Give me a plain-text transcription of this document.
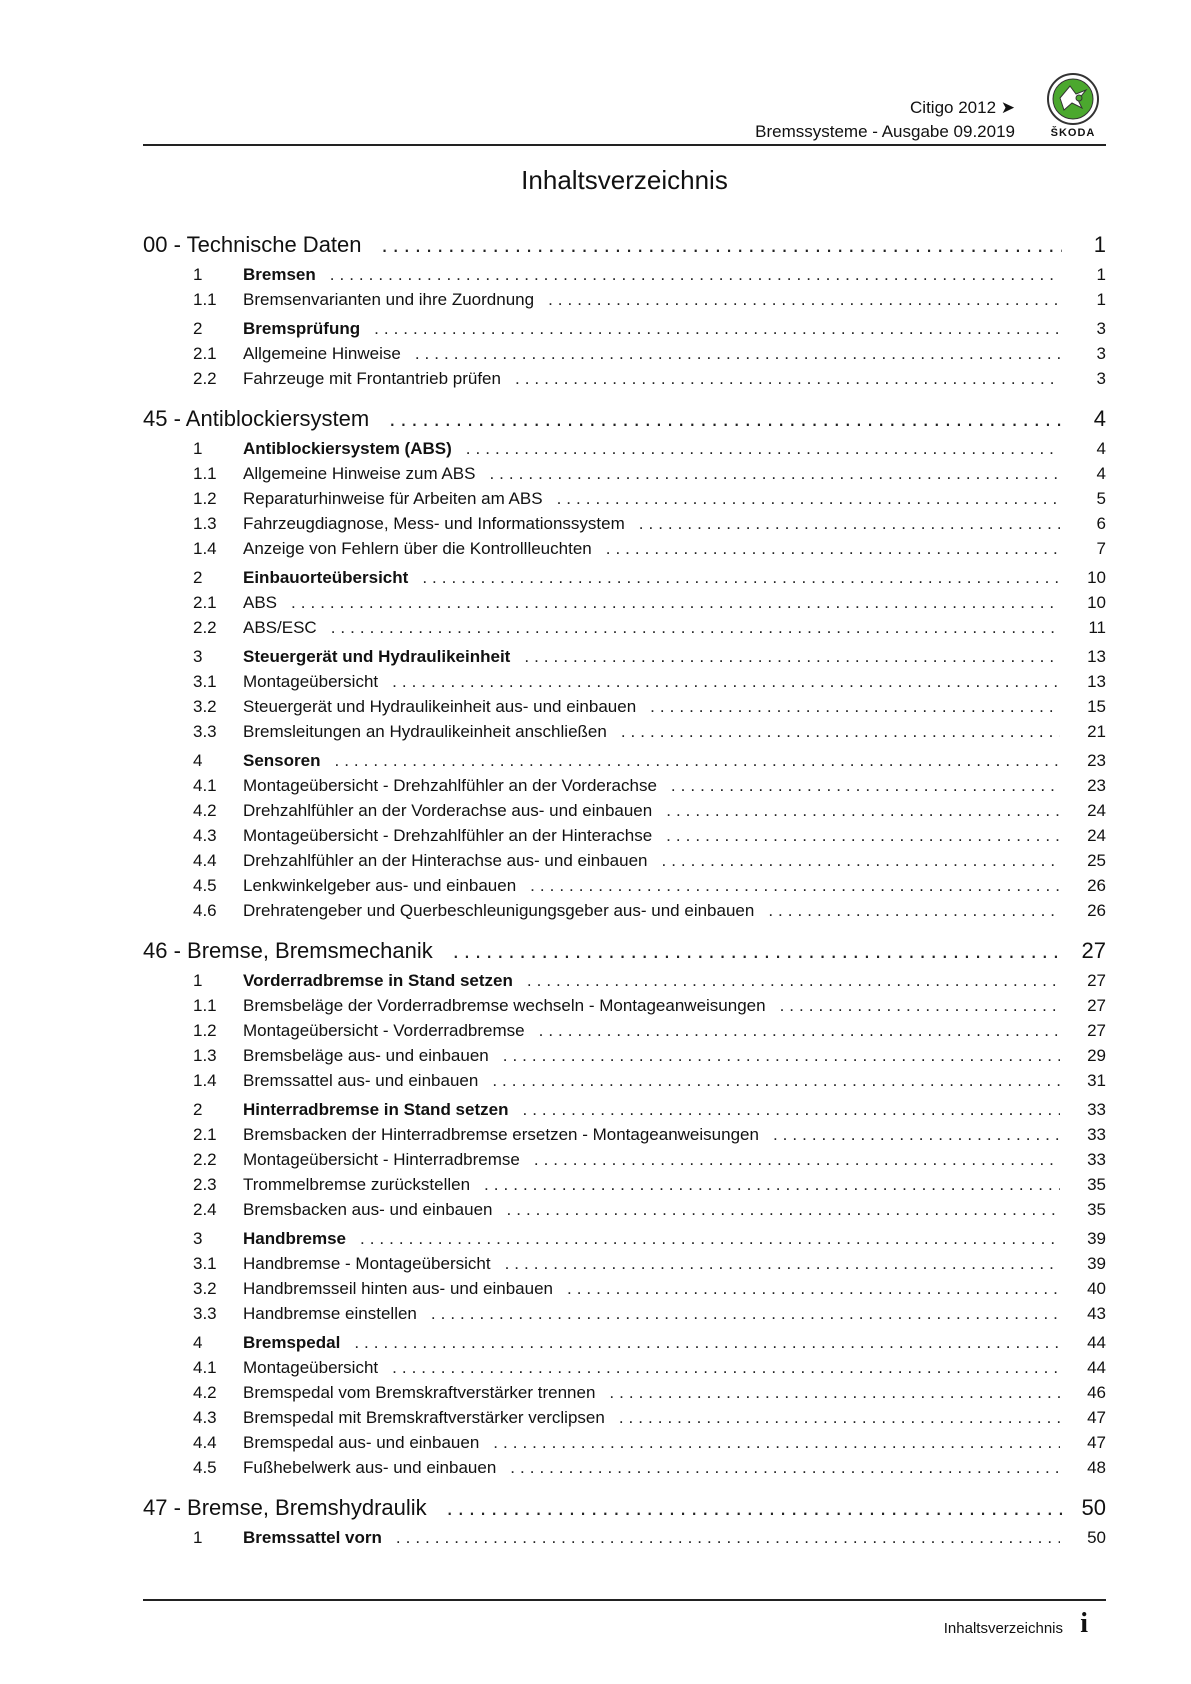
Citigo 2012 ➤
Bremssysteme - Ausgabe 09.2019	ŠKODA
Inhaltsverzeichnis
00 - Technische Daten .....	1
1	Bremsen .....	1
1.1	Bremsenvarianten und ihre Zuordnung .....	1
2	Bremsprüfung .....	3
2.1	Allgemeine Hinweise .....	3
2.2	Fahrzeuge mit Frontantrieb prüfen .....	3
45 - Antiblockiersystem .....	4
1	Antiblockiersystem (ABS) .....	4
1.1	Allgemeine Hinweise zum ABS .....	4
1.2	Reparaturhinweise für Arbeiten am ABS .....	5
1.3	Fahrzeugdiagnose, Mess- und Informationssystem .....	6
1.4	Anzeige von Fehlern über die Kontrollleuchten .....	7
2	Einbauorteübersicht .....	10
2.1	ABS .....	10
2.2	ABS/ESC .....	11
3	Steuergerät und Hydraulikeinheit .....	13
3.1	Montageübersicht .....	13
3.2	Steuergerät und Hydraulikeinheit aus- und einbauen .....	15
3.3	Bremsleitungen an Hydraulikeinheit anschließen .....	21
4	Sensoren .....	23
4.1	Montageübersicht - Drehzahlfühler an der Vorderachse .....	23
4.2	Drehzahlfühler an der Vorderachse aus- und einbauen .....	24
4.3	Montageübersicht - Drehzahlfühler an der Hinterachse .....	24
4.4	Drehzahlfühler an der Hinterachse aus- und einbauen .....	25
4.5	Lenkwinkelgeber aus- und einbauen .....	26
4.6	Drehratengeber und Querbeschleunigungsgeber aus- und einbauen .....	26
46 - Bremse, Bremsmechanik .....	27
1	Vorderradbremse in Stand setzen .....	27
1.1	Bremsbeläge der Vorderradbremse wechseln - Montageanweisungen .....	27
1.2	Montageübersicht - Vorderradbremse .....	27
1.3	Bremsbeläge aus- und einbauen .....	29
1.4	Bremssattel aus- und einbauen .....	31
2	Hinterradbremse in Stand setzen .....	33
2.1	Bremsbacken der Hinterradbremse ersetzen - Montageanweisungen .....	33
2.2	Montageübersicht - Hinterradbremse .....	33
2.3	Trommelbremse zurückstellen .....	35
2.4	Bremsbacken aus- und einbauen .....	35
3	Handbremse .....	39
3.1	Handbremse - Montageübersicht .....	39
3.2	Handbremsseil hinten aus- und einbauen .....	40
3.3	Handbremse einstellen .....	43
4	Bremspedal .....	44
4.1	Montageübersicht .....	44
4.2	Bremspedal vom Bremskraftverstärker trennen .....	46
4.3	Bremspedal mit Bremskraftverstärker verclipsen .....	47
4.4	Bremspedal aus- und einbauen .....	47
4.5	Fußhebelwerk aus- und einbauen .....	48
47 - Bremse, Bremshydraulik .....	50
1	Bremssattel vorn .....	50
Inhaltsverzeichnis i
